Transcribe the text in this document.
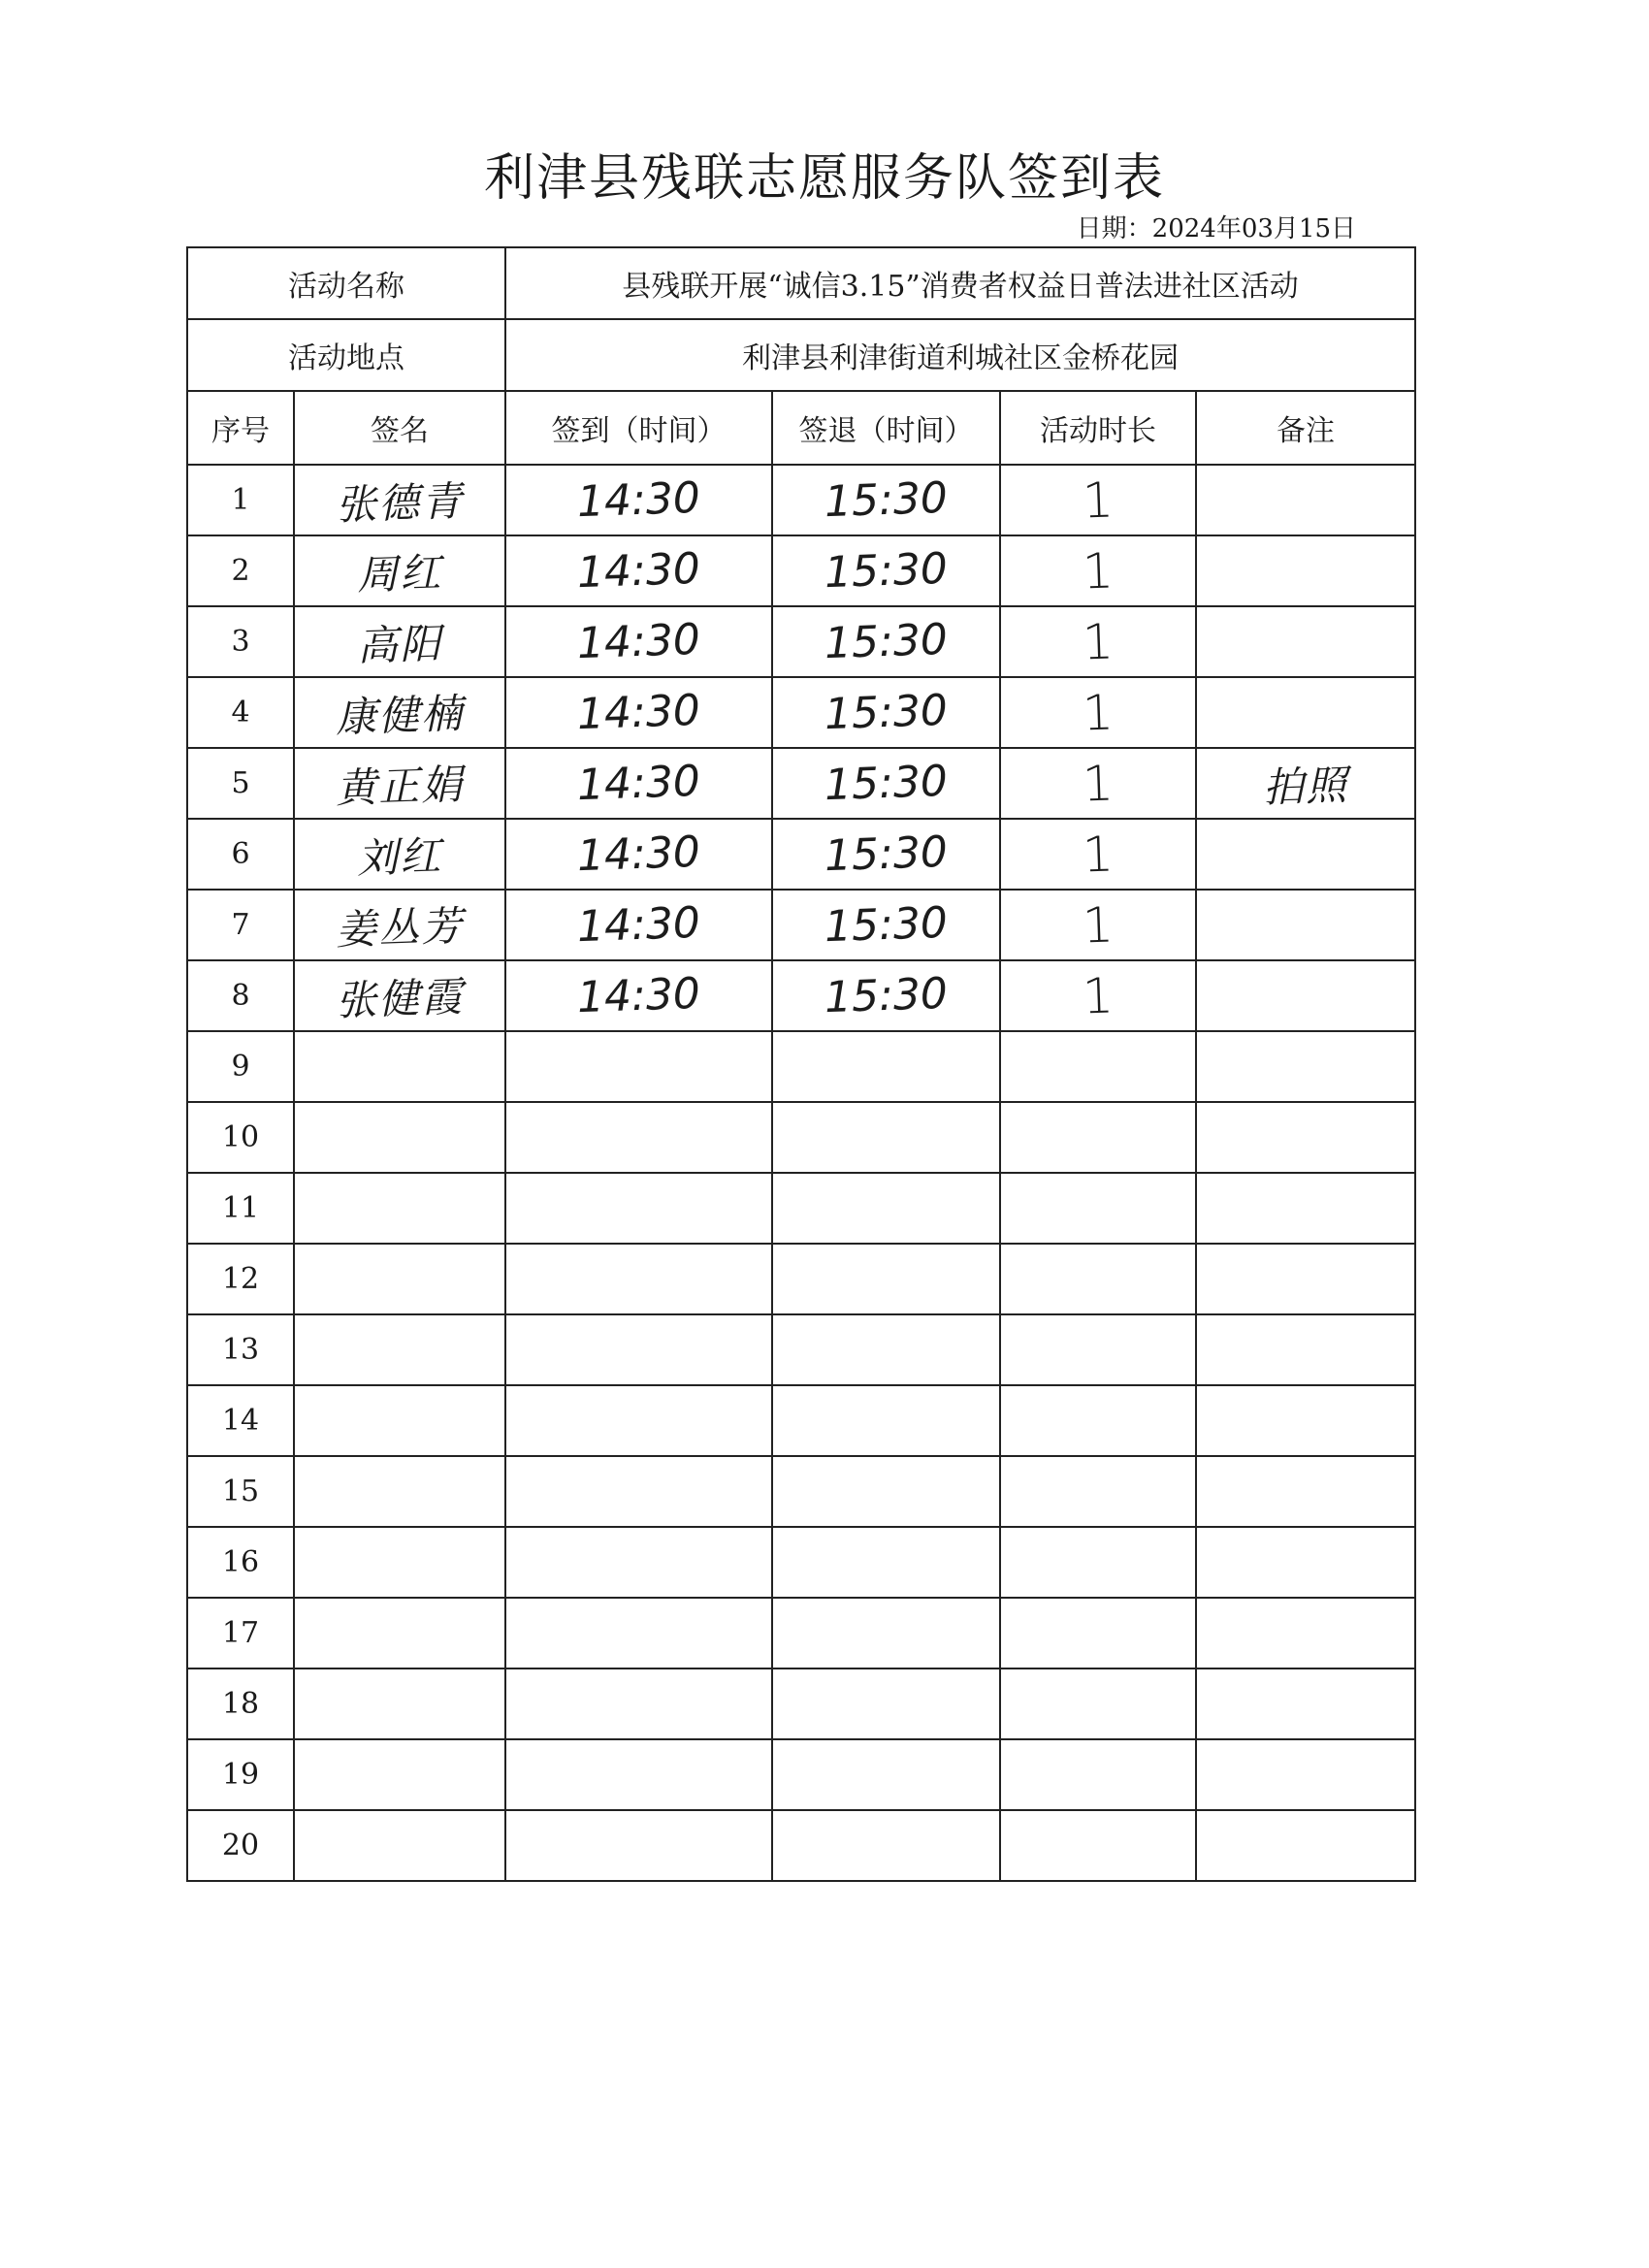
利津县残联志愿服务队签到表
日期：2024年03月15日
活动名称		县残联开展“诚信3.15”消费者权益日普法进社区活动			
活动地点		利津县利津街道利城社区金桥花园			
序号	签名	签到（时间）	签退（时间）	活动时长	备注
1	张德青	14:30	15:30	1	
2	周红	14:30	15:30	1	
3	高阳	14:30	15:30	1	
4	康健楠	14:30	15:30	1	
5	黄正娟	14:30	15:30	1	拍照
6	刘红	14:30	15:30	1	
7	姜丛芳	14:30	15:30	1	
8	张健霞	14:30	15:30	1	
9					
10					
11					
12					
13					
14					
15					
16					
17					
18					
19					
20					
